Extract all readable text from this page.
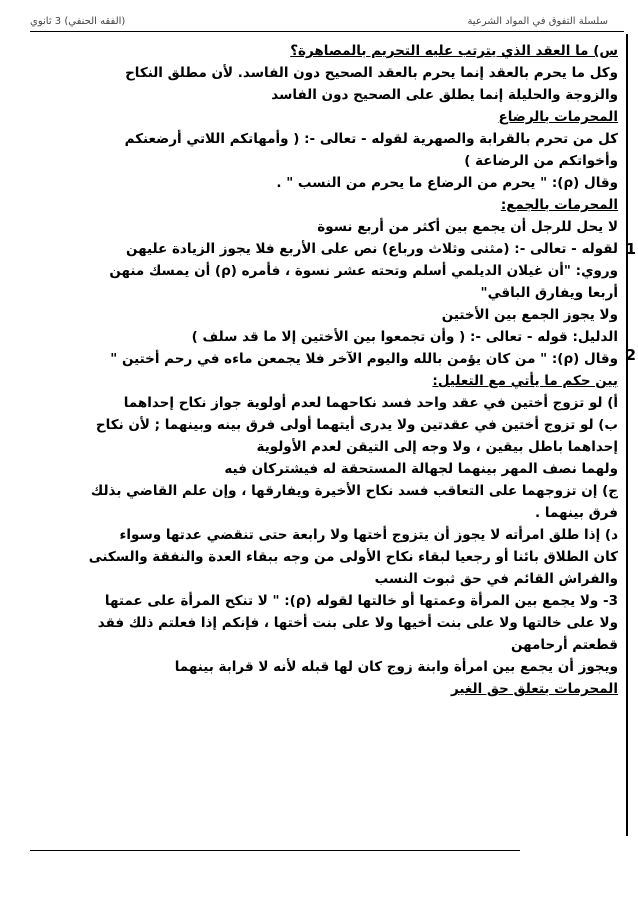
سلسلة التفوق في المواد الشرعية
(الفقه الحنفي) 3 ثانوي
س) ما العقد الذي يترتب عليه التحريم بالمصاهرة؟
وكل ما يحرم بالعقد إنما يحرم بالعقد الصحيح دون الفاسد. لأن مطلق النكاح
والزوجة والحليلة إنما يطلق على الصحيح دون الفاسد
المحرمات بالرضاع
كل من تحرم بالقرابة والصهرية لقوله - تعالى -: ( وأمهاتكم اللاتي أرضعنكم
وأخواتكم من الرضاعة )
وقال (ρ): " يحرم من الرضاع ما يحرم من النسب " .
المحرمات بالجمع:
لا يحل للرجل أن يجمع بين أكثر من أربع نسوة
لقوله - تعالى -: (مثنى وثلاث ورباع) نص على الأربع فلا يجوز الزيادة عليهن
وروي: "أن غيلان الديلمي أسلم وتحته عشر نسوة ، فأمره (ρ) أن يمسك منهن
أربعا ويفارق الباقي"
ولا يجوز الجمع بين الأختين
الدليل: قوله - تعالى -: ( وأن تجمعوا بين الأختين إلا ما قد سلف )
وقال (ρ): " من كان يؤمن بالله واليوم الآخر فلا يجمعن ماءه في رحم أختين "
بين حكم ما يأتي مع التعليل:
أ) لو تزوج أختين في عقد واحد فسد نكاحهما لعدم أولوية جواز نكاح إحداهما
ب) لو تزوج أختين في عقدتين ولا يدرى أيتهما أولى فرق بينه وبينهما ; لأن نكاح
إحداهما باطل بيقين ، ولا وجه إلى التيقن لعدم الأولوية
ولهما نصف المهر بينهما لجهالة المستحقة له فيشتركان فيه
ج) إن تزوجهما على التعاقب فسد نكاح الأخيرة ويفارقها ، وإن علم القاضي بذلك
فرق بينهما .
د) إذا طلق امرأته لا يجوز أن يتزوج أختها ولا رابعة حتى تنقضي عدتها وسواء
كان الطلاق بائنا أو رجعيا لبقاء نكاح الأولى من وجه ببقاء العدة والنفقة والسكنى
والفراش القائم في حق ثبوت النسب
3- ولا يجمع بين المرأة وعمتها أو خالتها لقوله (ρ): " لا تنكح المرأة على عمتها
ولا على خالتها ولا على بنت أخيها ولا على بنت أختها ، فإنكم إذا فعلتم ذلك فقد
قطعتم أرحامهن
ويجوز أن يجمع بين امرأة وابنة زوج كان لها قبله لأنه لا قرابة بينهما
المحرمات بتعلق حق الغير
1
2
